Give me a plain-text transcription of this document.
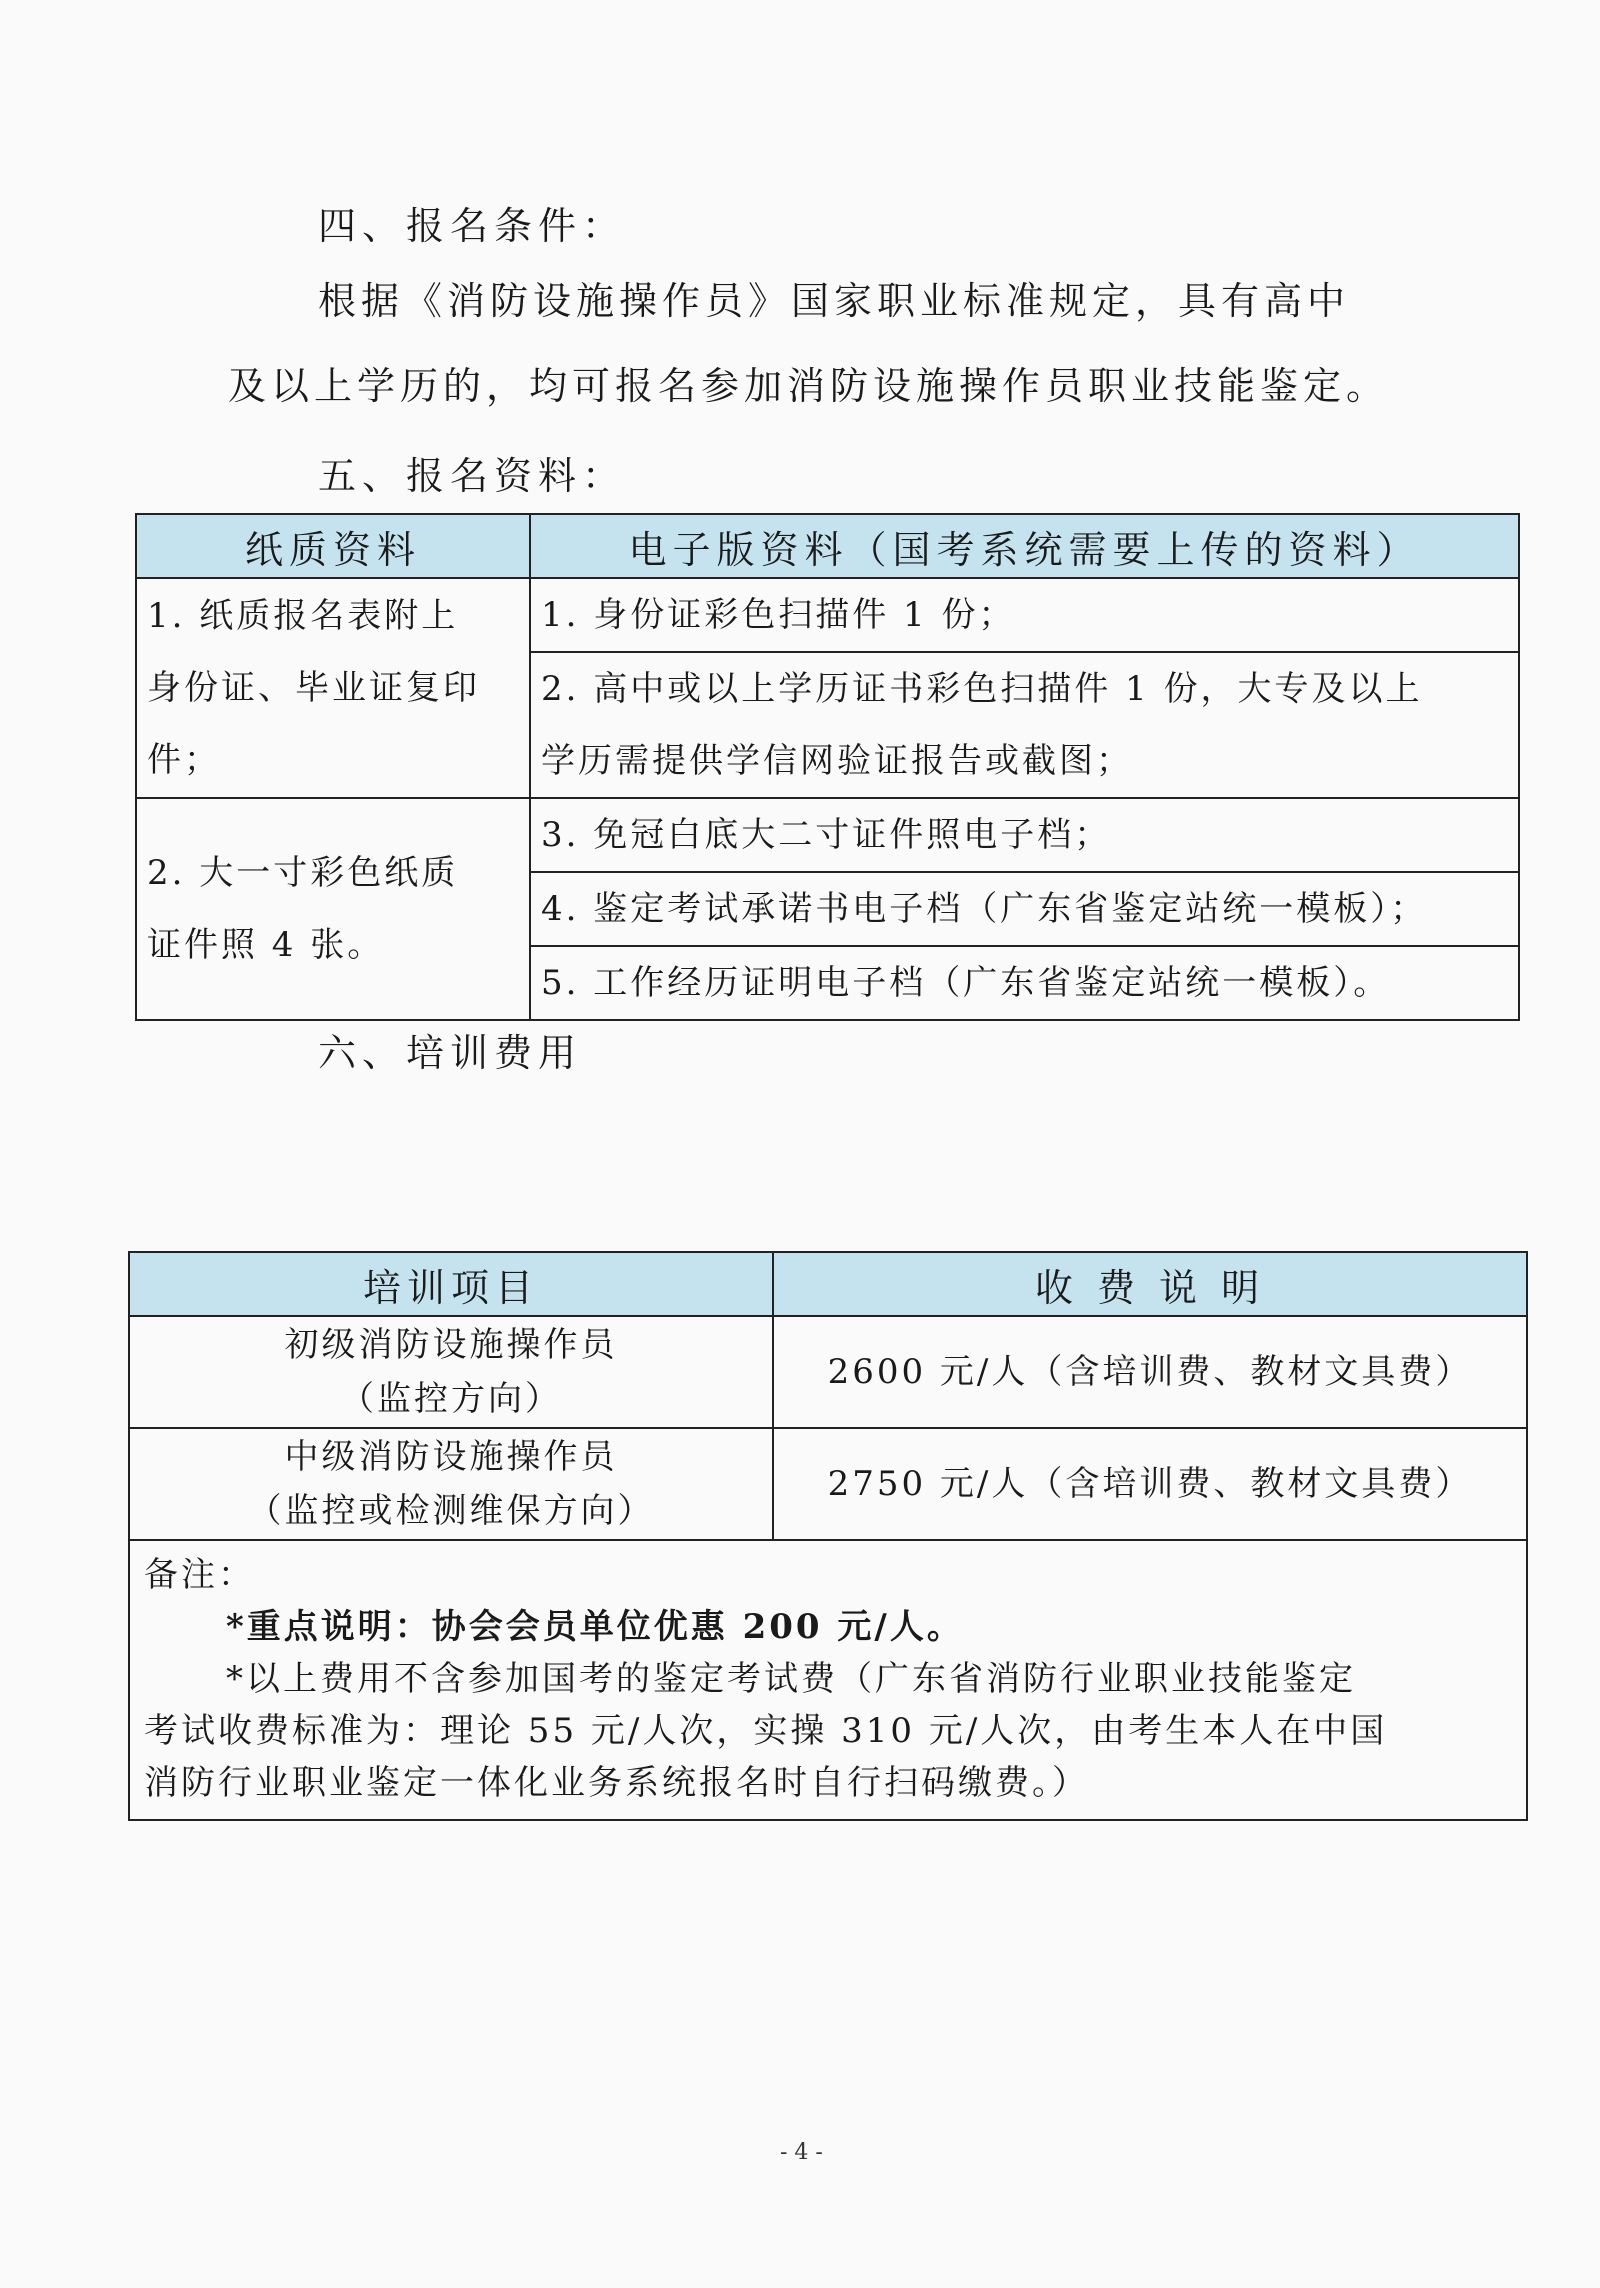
四、报名条件：
根据《消防设施操作员》国家职业标准规定，具有高中
及以上学历的，均可报名参加消防设施操作员职业技能鉴定。
五、报名资料：
纸质资料	电子版资料（国考系统需要上传的资料）

1. 纸质报名表附上
身份证、毕业证复印
件；	1. 身份证彩色扫描件 1 份；

	2. 高中或以上学历证书彩色扫描件 1 份，大专及以上
学历需提供学信网验证报告或截图；

2. 大一寸彩色纸质
证件照 4 张。	3. 免冠白底大二寸证件照电子档；
	4. 鉴定考试承诺书电子档（广东省鉴定站统一模板）；
	5. 工作经历证明电子档（广东省鉴定站统一模板）。
六、培训费用
培训项目	收 费 说 明

初级消防设施操作员
（监控方向）	2600 元/人（含培训费、教材文具费）

中级消防设施操作员
（监控或检测维保方向）	2750 元/人（含培训费、教材文具费）

备注：
*重点说明：协会会员单位优惠 200 元/人。
*以上费用不含参加国考的鉴定考试费（广东省消防行业职业技能鉴定
考试收费标准为：理论 55 元/人次，实操 310 元/人次，由考生本人在中国
消防行业职业鉴定一体化业务系统报名时自行扫码缴费。）	
- 4 -
